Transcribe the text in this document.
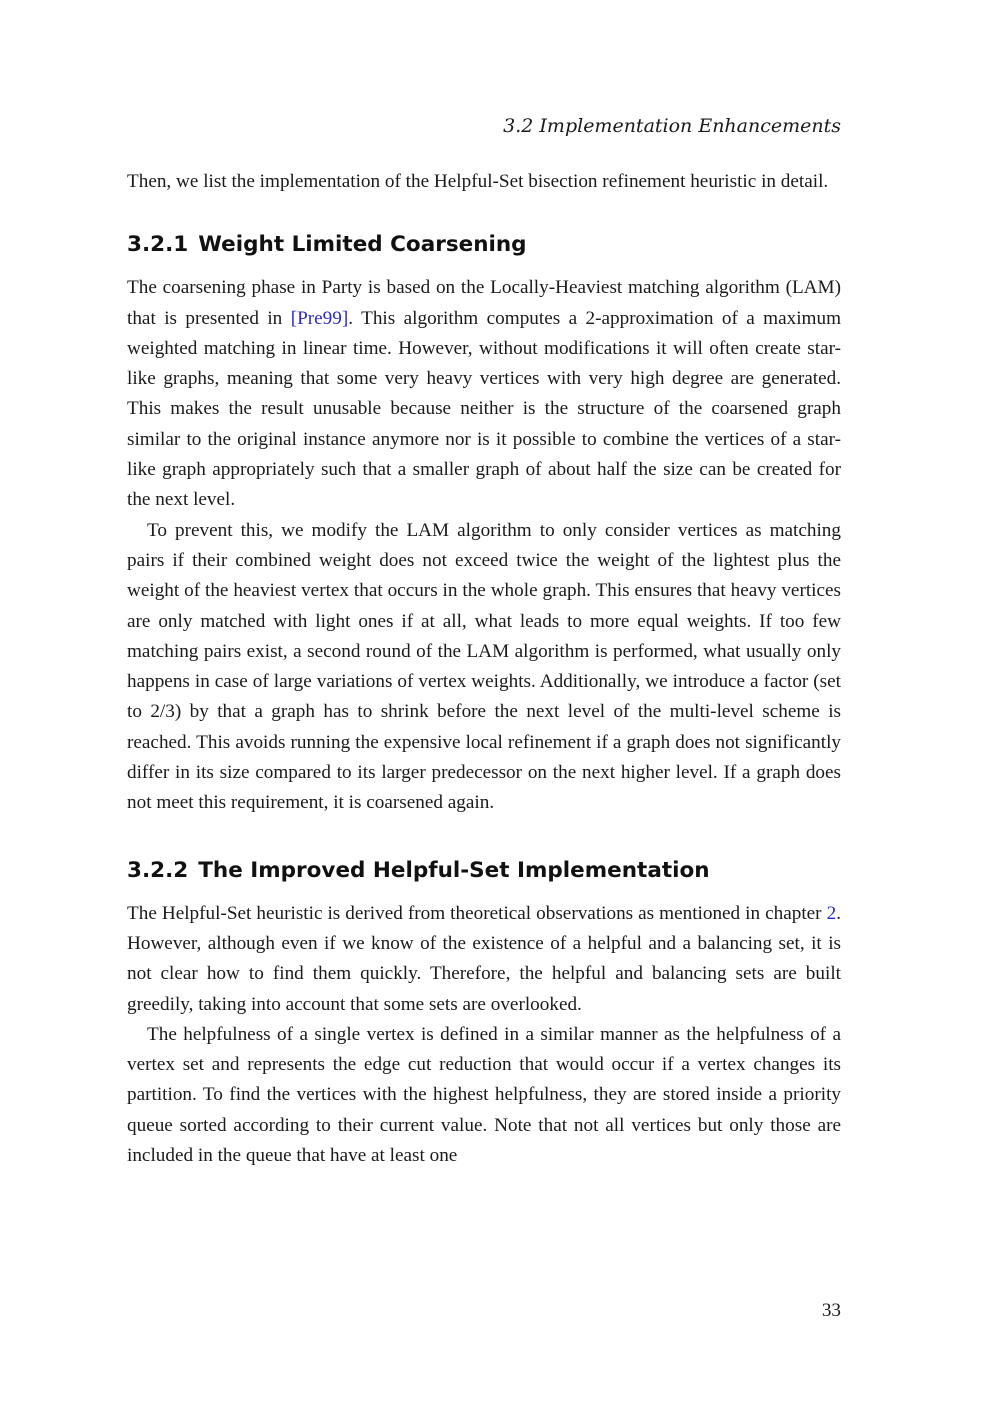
3.2 Implementation Enhancements

Then, we list the implementation of the Helpful-Set bisection refinement heuristic in detail.

3.2.1 Weight Limited Coarsening

The coarsening phase in Party is based on the Locally-Heaviest matching algorithm (LAM) that is presented in [Pre99]. This algorithm computes a 2-approximation of a maximum weighted matching in linear time. However, without modifications it will often create star-like graphs, meaning that some very heavy vertices with very high degree are generated. This makes the result unusable because neither is the structure of the coarsened graph similar to the original instance anymore nor is it possible to combine the vertices of a star-like graph appropriately such that a smaller graph of about half the size can be created for the next level.

To prevent this, we modify the LAM algorithm to only consider vertices as matching pairs if their combined weight does not exceed twice the weight of the lightest plus the weight of the heaviest vertex that occurs in the whole graph. This ensures that heavy vertices are only matched with light ones if at all, what leads to more equal weights. If too few matching pairs exist, a second round of the LAM algorithm is performed, what usually only happens in case of large variations of vertex weights. Additionally, we introduce a factor (set to 2/3) by that a graph has to shrink before the next level of the multi-level scheme is reached. This avoids running the expensive local refinement if a graph does not significantly differ in its size compared to its larger predecessor on the next higher level. If a graph does not meet this requirement, it is coarsened again.

3.2.2 The Improved Helpful-Set Implementation

The Helpful-Set heuristic is derived from theoretical observations as mentioned in chapter 2. However, although even if we know of the existence of a helpful and a balancing set, it is not clear how to find them quickly. Therefore, the helpful and balancing sets are built greedily, taking into account that some sets are overlooked.

The helpfulness of a single vertex is defined in a similar manner as the helpfulness of a vertex set and represents the edge cut reduction that would occur if a vertex changes its partition. To find the vertices with the highest helpfulness, they are stored inside a priority queue sorted according to their current value. Note that not all vertices but only those are included in the queue that have at least one

33
